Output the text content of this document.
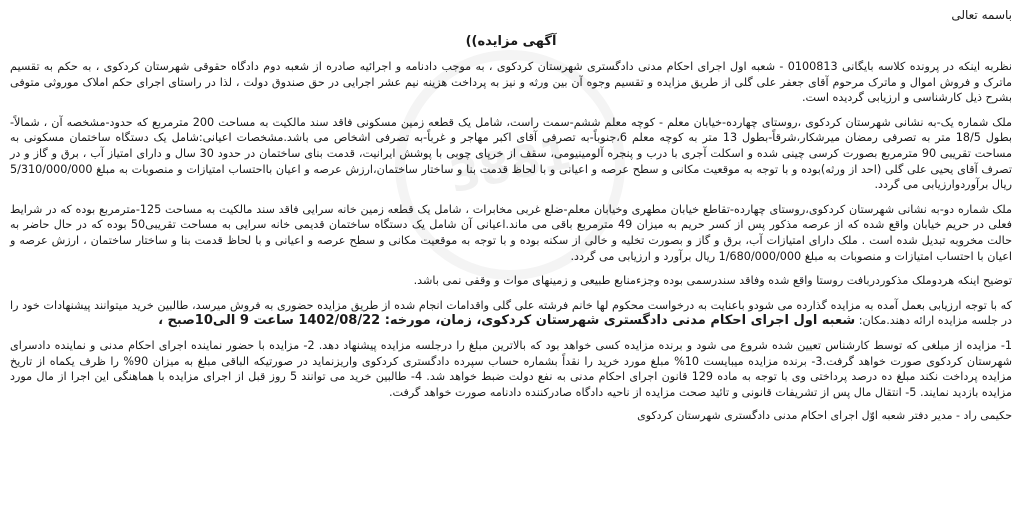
3881
باسمه تعالی
آگهی مزایده))

نظربه اینکه در پرونده کلاسه بایگانی 0100813 - شعبه اول اجرای احکام مدنی دادگستری شهرستان کردکوی ، به موجب دادنامه و اجرائیه صادره از شعبه دوم دادگاه حقوقی شهرستان کردکوی ، به حکم به تقسیم ماترک و فروش اموال و ماترک مرحوم آقای جعفر علی گلی از طریق مزایده و تقسیم وجوه آن بین ورثه و نیز به پرداخت هزینه نیم عشر اجرایی در حق صندوق دولت ، لذا در راستای اجرای حکم املاک موروثی متوفی بشرح ذیل کارشناسی و ارزیابی گردیده است.

ملک شماره یک-به نشانی شهرستان کردکوی ،روستای چهارده-خیابان معلم - کوچه معلم ششم-سمت راست، شامل یک قطعه زمین مسکونی فاقد سند مالکیت به مساحت 200 مترمربع که حدود-مشخصه آن ، شمالاً-بطول 18/5 متر به تصرفی رمضان میرشکار،شرقاً-بطول 13 متر به کوچه معلم 6،جنوباً-به تصرفی آقای اکبر مهاجر و غرباً-به تصرفی اشخاص می باشد.مشخصات اعیانی:شامل یک دستگاه ساختمان مسکونی به مساحت تقریبی 90 مترمربع بصورت کرسی چینی شده و اسکلت آجری با درب و پنجره آلومینیومی، سقف از خرپای چوبی با پوشش ایرانیت، قدمت بنای ساختمان در حدود 30 سال و دارای امتیاز آب ، برق و گاز و در تصرف آقای یحیی علی گلی (احد از ورثه)بوده و با توجه به موقعیت مکانی و سطح عرصه و اعیانی و با لحاظ قدمت بنا و ساختار ساختمان،ارزش عرصه و اعیان بااحتساب امتیازات و منصوبات به مبلغ 5/310/000/000 ریال برآوردوارزیابی می گردد.

ملک شماره دو-به نشانی شهرستان کردکوی،روستای چهارده-تقاطع خیابان مطهری وخیابان معلم-ضلع غربی مخابرات ، شامل یک قطعه زمین خانه سرایی فاقد سند مالکیت به مساحت 125-مترمربع بوده که در شرایط فعلی در حریم خیابان واقع شده که از عرصه مذکور پس از کسر حریم به میزان 49 مترمربع باقی می ماند.اعیانی آن شامل یک دستگاه ساختمان قدیمی خانه سرایی به مساحت تقریبی50 بوده که در حال حاضر به حالت مخروبه تبدیل شده است . ملک دارای امتیازات آب، برق و گاز و بصورت تخلیه و خالی از سکنه بوده و با توجه به موقعیت مکانی و سطح عرصه و اعیانی و با لحاظ قدمت بنا و ساختار ساختمان ، ارزش عرصه و اعیان با احتساب امتیازات و منصوبات به مبلغ 1/680/000/000 ریال برآورد و ارزیابی می گردد.

توضیح اینکه هردوملک مذکوردربافت روستا واقع شده وفاقد سندرسمی بوده وجزءمنابع طبیعی و زمینهای موات و وقفی نمی باشد.

که با توجه ارزیابی بعمل آمده به مزایده گذارده می شودو باعنایت به درخواست محکوم لها خانم فرشته علی گلی واقدامات انجام شده از طریق مزایده حضوری به فروش میرسد، طالبین خرید میتوانند پیشنهادات خود را در جلسه مزایده ارائه دهند.مکان: شعبه اول اجرای احکام مدنی دادگستری شهرستان کردکوی، زمان، مورخه: 1402/08/22 ساعت 9 الی10صبح ،

1- مزایده از مبلغی که توسط کارشناس تعیین شده شروع می شود و برنده مزایده کسی خواهد بود که بالاترین مبلغ را درجلسه مزایده پیشنهاد دهد. 2- مزایده با حضور نماینده اجرای احکام مدنی و نماینده دادسرای شهرستان کردکوی صورت خواهد گرفت.3- برنده مزایده میبایست 10% مبلغ مورد خرید را نقداً بشماره حساب سپرده دادگستری کردکوی واریزنماید در صورتیکه الباقی مبلغ به میزان 90% را ظرف یکماه از تاریخ مزایده پرداخت نکند مبلغ ده درصد پرداختی وی با توجه به ماده 129 قانون اجرای احکام مدنی به نفع دولت ضبط خواهد شد. 4- طالبین خرید می توانند 5 روز قبل از اجرای مزایده با هماهنگی این اجرا از مال مورد مزایده بازدید نمایند. 5- انتقال مال پس از تشریفات قانونی و تائید صحت مزایده از ناحیه دادگاه صادرکننده دادنامه صورت خواهد گرفت.

حکیمی راد - مدیر دفتر شعبه اوّل اجرای احکام مدنی دادگستری شهرستان کردکوی
